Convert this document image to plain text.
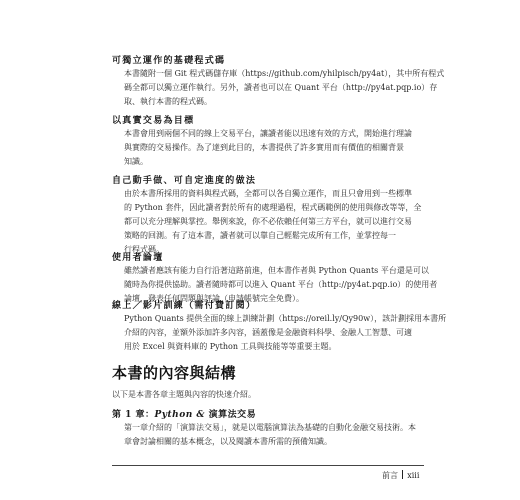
可獨立運作的基礎程式碼
本書隨附一個 Git 程式碼儲存庫（https://github.com/yhilpisch/py4at），其中所有程式
碼全都可以獨立運作執行。另外，讀者也可以在 Quant 平台（http://py4at.pqp.io）存
取、執行本書的程式碼。
以真實交易為目標
本書會用到兩個不同的線上交易平台，讓讀者能以迅速有效的方式，開始進行理論
與實際的交易操作。為了達到此目的，本書提供了許多實用而有價值的相關背景
知識。
自己動手做、可自定進度的做法
由於本書所採用的資料與程式碼，全都可以各自獨立運作，而且只會用到一些標準
的 Python 套件，因此讀者對於所有的處理過程，程式碼範例的使用與修改等等，全
都可以充分理解與掌控。舉例來說，你不必依賴任何第三方平台，就可以進行交易
策略的回測。有了這本書，讀者就可以靠自己輕鬆完成所有工作，並掌控每一
行程式碼。
使用者論壇
雖然讀者應該有能力自行沿著這路前進，但本書作者與 Python Quants 平台還是可以
隨時為你提供協助。讀者隨時都可以進入 Quant 平台（http://py4at.pqp.io）的使用者
論壇，發表任何問題與評論（申請帳號完全免費）。
線上／影片訓練（需付費訂閱）
Python Quants 提供全面的線上訓練計劃（https://oreil.ly/Qy90w），該計劃採用本書所
介紹的內容，並額外添加許多內容，涵蓋像是金融資料科學、金融人工智慧、可適
用於 Excel 與資料庫的 Python 工具與技能等等重要主題。
本書的內容與結構
以下是本書各章主題與內容的快速介紹。
第 1 章：Python & 演算法交易
第一章介紹的「演算法交易」，就是以電腦演算法為基礎的自動化金融交易技術。本
章會討論相關的基本概念，以及閱讀本書所需的預備知識。
前言 xiii
